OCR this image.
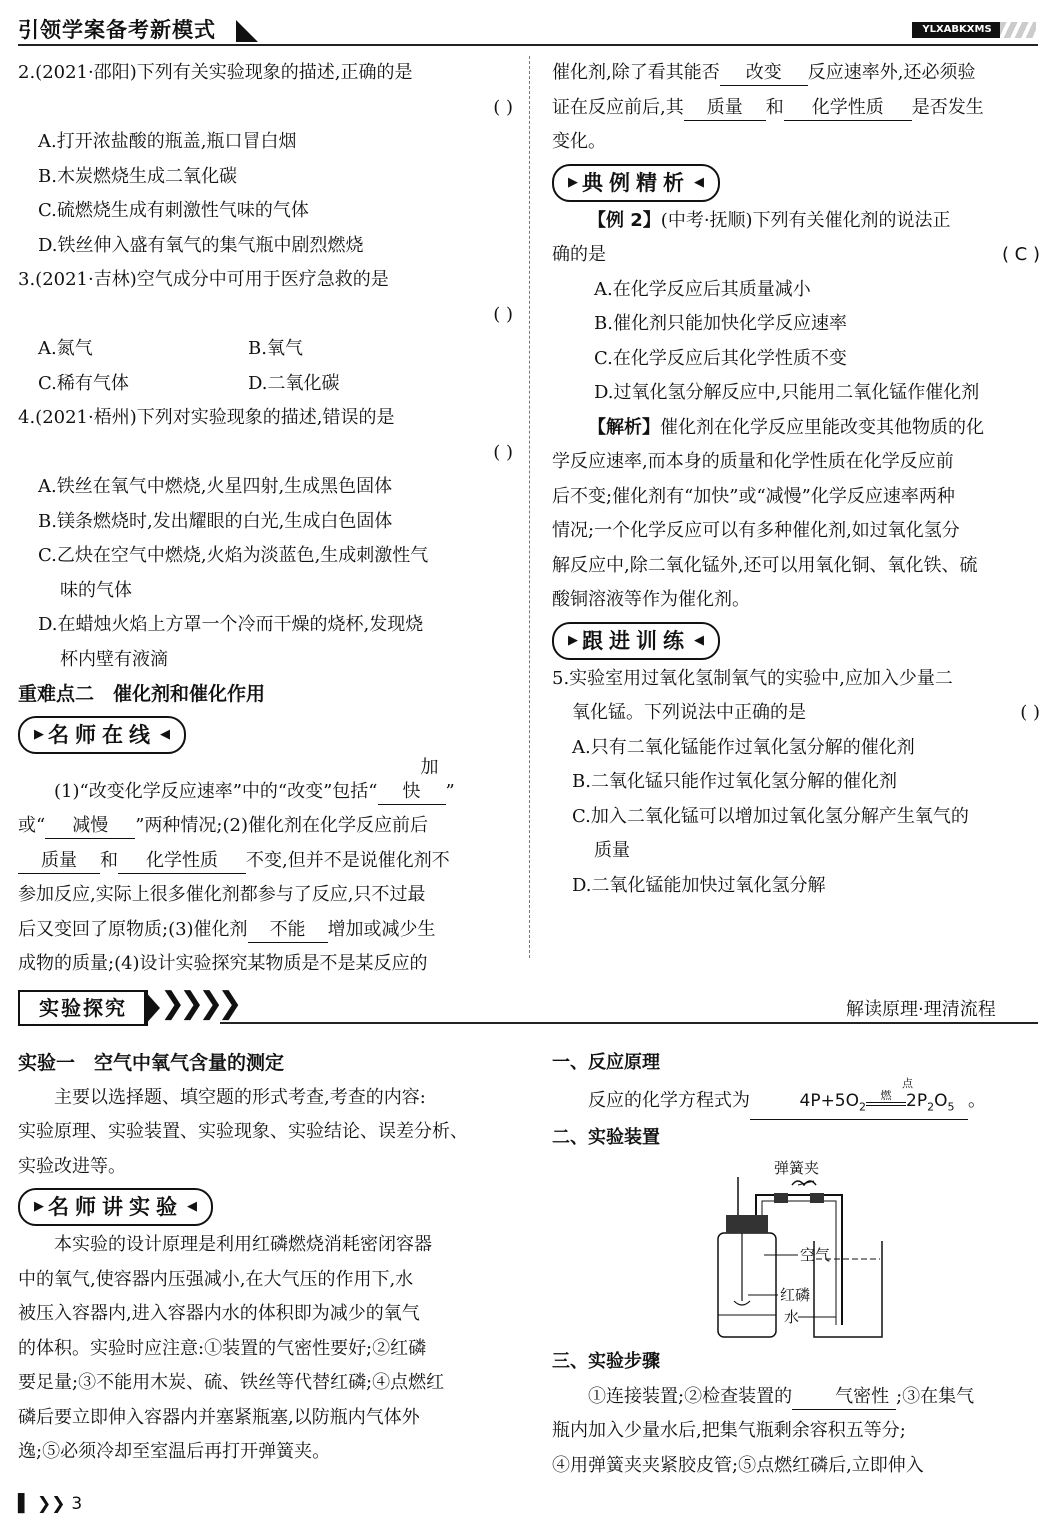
引领学案备考新模式	YLXABKXMS

2.(2021·邵阳)下列有关实验现象的描述,正确的是

( )

A.打开浓盐酸的瓶盖,瓶口冒白烟

B.木炭燃烧生成二氧化碳

C.硫燃烧生成有刺激性气味的气体

D.铁丝伸入盛有氧气的集气瓶中剧烈燃烧

3.(2021·吉林)空气成分中可用于医疗急救的是

( )

A.氮气	B.氧气

C.稀有气体	D.二氧化碳

4.(2021·梧州)下列对实验现象的描述,错误的是

( )

A.铁丝在氧气中燃烧,火星四射,生成黑色固体

B.镁条燃烧时,发出耀眼的白光,生成白色固体

C.乙炔在空气中燃烧,火焰为淡蓝色,生成刺激性气

味的气体

D.在蜡烛火焰上方罩一个冷而干燥的烧杯,发现烧

杯内壁有液滴

重难点二　催化剂和催化作用

▶ 名师在线 ◀

(1)“改变化学反应速率”中的“改变”包括“加快 ”

或“ 减慢 ”两种情况;(2)催化剂在化学反应前后

质量 和 化学性质 不变,但并不是说催化剂不

参加反应,实际上很多催化剂都参与了反应,只不过最

后又变回了原物质;(3)催化剂 不能 增加或减少生

成物的质量;(4)设计实验探究某物质是不是某反应的

催化剂,除了看其能否 改变 反应速率外,还必须验

证在反应前后,其 质量 和 化学性质 是否发生

变化。

▶ 典例精析 ◀

【例 2】(中考·抚顺)下列有关催化剂的说法正

确的是	( C )

A.在化学反应后其质量减小

B.催化剂只能加快化学反应速率

C.在化学反应后其化学性质不变

D.过氧化氢分解反应中,只能用二氧化锰作催化剂

【解析】催化剂在化学反应里能改变其他物质的化

学反应速率,而本身的质量和化学性质在化学反应前

后不变;催化剂有“加快”或“减慢”化学反应速率两种

情况;一个化学反应可以有多种催化剂,如过氧化氢分

解反应中,除二氧化锰外,还可以用氧化铜、氧化铁、硫

酸铜溶液等作为催化剂。

▶ 跟进训练 ◀

5.实验室用过氧化氢制氧气的实验中,应加入少量二

氧化锰。下列说法中正确的是	( )

A.只有二氧化锰能作过氧化氢分解的催化剂

B.二氧化锰只能作过氧化氢分解的催化剂

C.加入二氧化锰可以增加过氧化氢分解产生氧气的

质量

D.二氧化锰能加快过氧化氢分解

实验探究	❯❯❯❯	解读原理·理清流程

实验一　空气中氧气含量的测定

主要以选择题、填空题的形式考查,考查的内容:

实验原理、实验装置、实验现象、实验结论、误差分析、

实验改进等。

▶ 名师讲实验 ◀

本实验的设计原理是利用红磷燃烧消耗密闭容器

中的氧气,使容器内压强减小,在大气压的作用下,水

被压入容器内,进入容器内水的体积即为减少的氧气

的体积。实验时应注意:①装置的气密性要好;②红磷

要足量;③不能用木炭、硫、铁丝等代替红磷;④点燃红

磷后要立即伸入容器内并塞紧瓶塞,以防瓶内气体外

逸;⑤必须冷却至室温后再打开弹簧夹。

一、反应原理

反应的化学方程式为	$4P+5O_2$
点燃 $2P_2O_5$ 。

二、实验装置

弹簧夹
空气
红磷
水

三、实验步骤

①连接装置;②检查装置的 气密性 ;③在集气

瓶内加入少量水后,把集气瓶剩余容积五等分;

④用弹簧夹夹紧胶皮管;⑤点燃红磷后,立即伸入

▌ ❯❯ 3
